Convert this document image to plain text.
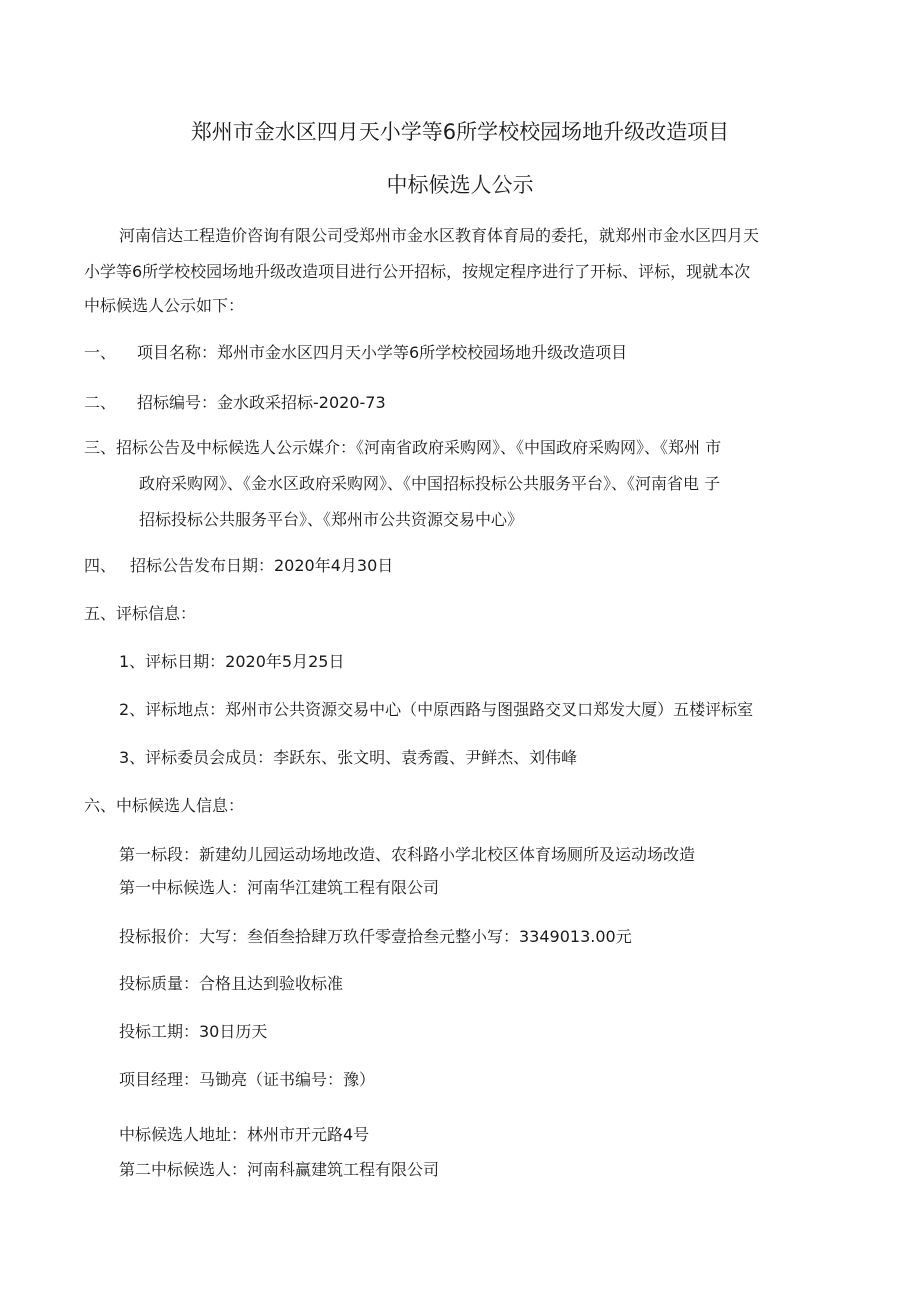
郑州市金水区四月天小学等6所学校校园场地升级改造项目
中标候选人公示
河南信达工程造价咨询有限公司受郑州市金水区教育体育局的委托，就郑州市金水区四月天
小学等6所学校校园场地升级改造项目进行公开招标，按规定程序进行了开标、评标，现就本次
中标候选人公示如下：
一、 项目名称：郑州市金水区四月天小学等6所学校校园场地升级改造项目
二、 招标编号：金水政采招标-2020-73
三、招标公告及中标候选人公示媒介：《河南省政府采购网》、《中国政府采购网》、《郑州 市
政府采购网》、《金水区政府采购网》、《中国招标投标公共服务平台》、《河南省电 子
招标投标公共服务平台》、《郑州市公共资源交易中心》
四、 招标公告发布日期：2020年4月30日
五、评标信息：
1、评标日期：2020年5月25日
2、评标地点：郑州市公共资源交易中心（中原西路与图强路交叉口郑发大厦）五楼评标室
3、评标委员会成员：李跃东、张文明、袁秀霞、尹鲜杰、刘伟峰
六、中标候选人信息：
第一标段：新建幼儿园运动场地改造、农科路小学北校区体育场厕所及运动场改造
第一中标候选人：河南华江建筑工程有限公司
投标报价：大写：叁佰叁拾肆万玖仟零壹拾叁元整小写：3349013.00元
投标质量：合格且达到验收标准
投标工期：30日历天
项目经理：马锄亮（证书编号：豫）
中标候选人地址：林州市开元路4号
第二中标候选人：河南科赢建筑工程有限公司
